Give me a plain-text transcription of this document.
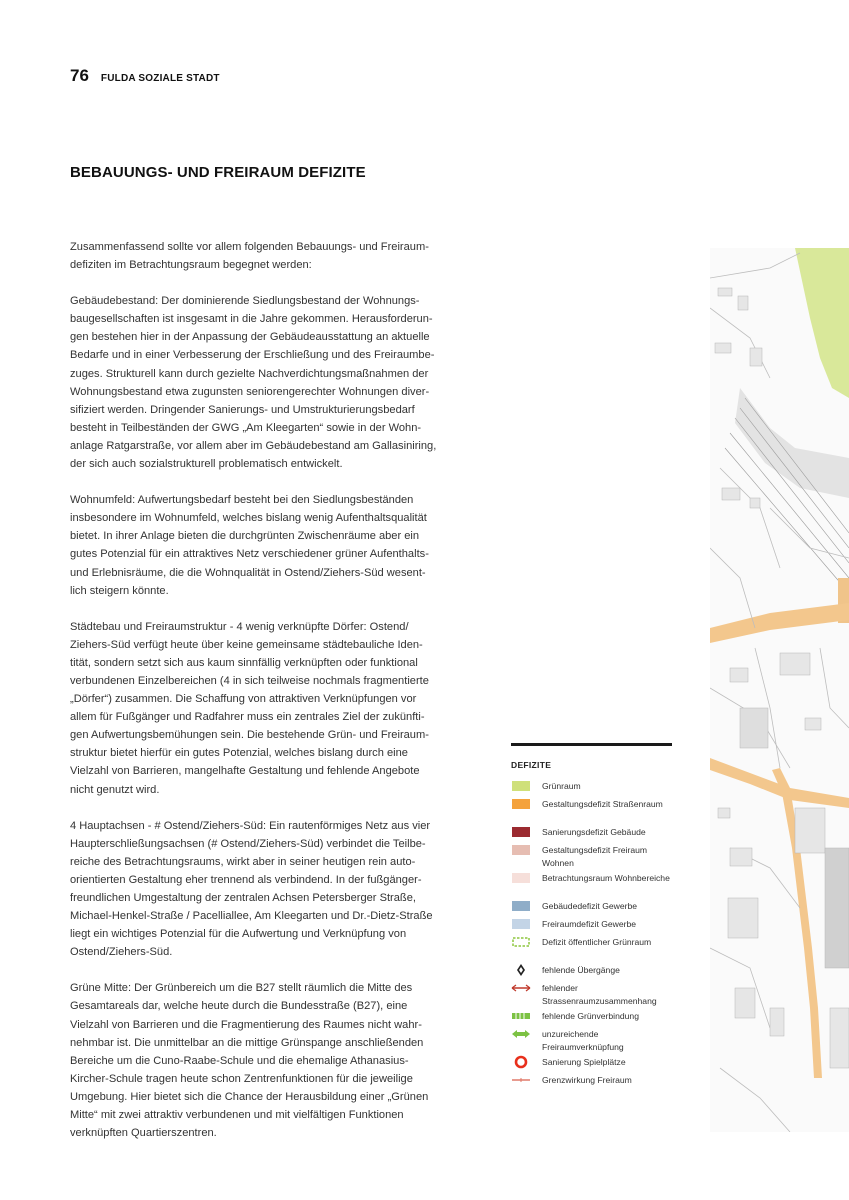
76 FULDA SOZIALE STADT
BEBAUUNGS- UND FREIRAUM DEFIZITE

Zusammenfassend sollte vor allem folgenden Bebauungs- und Freiraum-
defiziten im Betrachtungsraum begegnet werden:

Gebäudebestand: Der dominierende Siedlungsbestand der Wohnungs-
baugesellschaften ist insgesamt in die Jahre gekommen. Herausforderun-
gen bestehen hier in der Anpassung der Gebäudeausstattung an aktuelle
Bedarfe und in einer Verbesserung der Erschließung und des Freiraumbe-
zuges. Strukturell kann durch gezielte Nachverdichtungsmaßnahmen der
Wohnungsbestand etwa zugunsten seniorengerechter Wohnungen diver-
sifiziert werden. Dringender Sanierungs- und Umstrukturierungsbedarf
besteht in Teilbeständen der GWG „Am Kleegarten“ sowie in der Wohn-
anlage Ratgarstraße, vor allem aber im Gebäudebestand am Gallasiniring,
der sich auch sozialstrukturell problematisch entwickelt.

Wohnumfeld: Aufwertungsbedarf besteht bei den Siedlungsbeständen
insbesondere im Wohnumfeld, welches bislang wenig Aufenthaltsqualität
bietet. In ihrer Anlage bieten die durchgrünten Zwischenräume aber ein
gutes Potenzial für ein attraktives Netz verschiedener grüner Aufenthalts-
und Erlebnisräume, die die Wohnqualität in Ostend/Ziehers-Süd wesent-
lich steigern könnte.

Städtebau und Freiraumstruktur - 4 wenig verknüpfte Dörfer: Ostend/
Ziehers-Süd verfügt heute über keine gemeinsame städtebauliche Iden-
tität, sondern setzt sich aus kaum sinnfällig verknüpften oder funktional
verbundenen Einzelbereichen (4 in sich teilweise nochmals fragmentierte
„Dörfer“) zusammen. Die Schaffung von attraktiven Verknüpfungen vor
allem für Fußgänger und Radfahrer muss ein zentrales Ziel der zukünfti-
gen Aufwertungsbemühungen sein. Die bestehende Grün- und Freiraum-
struktur bietet hierfür ein gutes Potenzial, welches bislang durch eine
Vielzahl von Barrieren, mangelhafte Gestaltung und fehlende Angebote
nicht genutzt wird.

4 Hauptachsen - # Ostend/Ziehers-Süd: Ein rautenförmiges Netz aus vier
Haupterschließungsachsen (# Ostend/Ziehers-Süd) verbindet die Teilbe-
reiche des Betrachtungsraums, wirkt aber in seiner heutigen rein auto-
orientierten Gestaltung eher trennend als verbindend. In der fußgänger-
freundlichen Umgestaltung der zentralen Achsen Petersberger Straße,
Michael-Henkel-Straße / Pacelliallee, Am Kleegarten und Dr.-Dietz-Straße
liegt ein wichtiges Potenzial für die Aufwertung und Verknüpfung von
Ostend/Ziehers-Süd.

Grüne Mitte: Der Grünbereich um die B27 stellt räumlich die Mitte des
Gesamtareals dar, welche heute durch die Bundesstraße (B27), eine
Vielzahl von Barrieren und die Fragmentierung des Raumes nicht wahr-
nehmbar ist. Die unmittelbar an die mittige Grünspange anschließenden
Bereiche um die Cuno-Raabe-Schule und die ehemalige Athanasius-
Kircher-Schule tragen heute schon Zentrenfunktionen für die jeweilige
Umgebung. Hier bietet sich die Chance der Herausbildung einer „Grünen
Mitte“ mit zwei attraktiv verbundenen und mit vielfältigen Funktionen
verknüpften Quartierszentren.

DEFIZITE
Grünraum
Gestaltungsdefizit Straßenraum
Sanierungsdefizit Gebäude
Gestaltungsdefizit Freiraum Wohnen
Betrachtungsraum Wohnbereiche
Gebäudedefizit Gewerbe
Freiraumdefizit Gewerbe
Defizit öffentlicher Grünraum
fehlende Übergänge
fehlender Strassenraumzusammenhang
fehlende Grünverbindung
unzureichende Freiraumverknüpfung
Sanierung Spielplätze
Grenzwirkung Freiraum
